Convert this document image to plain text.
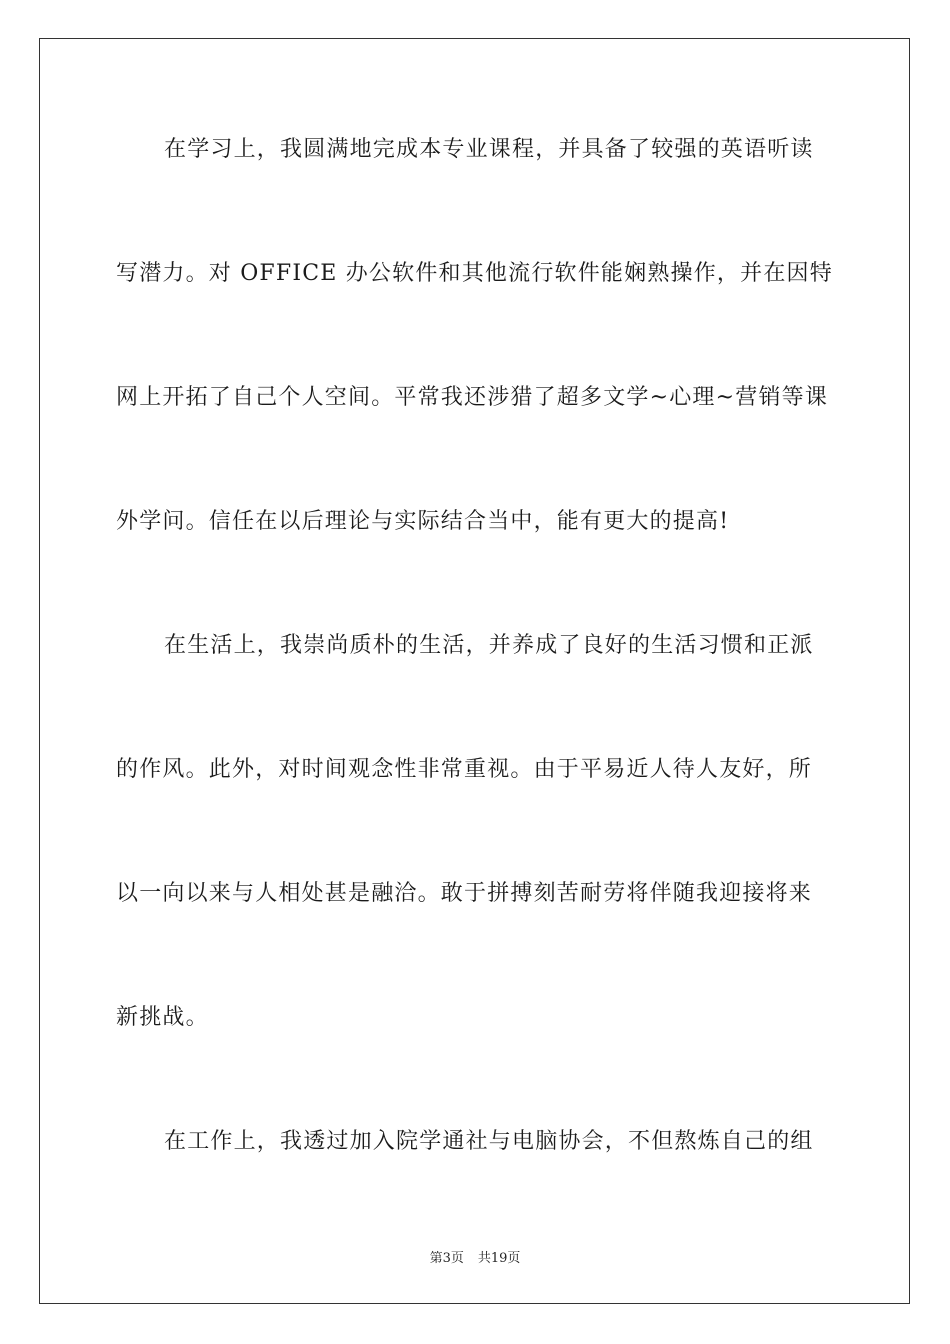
在学习上，我圆满地完成本专业课程，并具备了较强的英语听读
写潜力。对 OFFICE 办公软件和其他流行软件能娴熟操作，并在因特
网上开拓了自己个人空间。平常我还涉猎了超多文学~心理~营销等课
外学问。信任在以后理论与实际结合当中，能有更大的提高!
在生活上，我崇尚质朴的生活，并养成了良好的生活习惯和正派
的作风。此外，对时间观念性非常重视。由于平易近人待人友好，所
以一向以来与人相处甚是融洽。敢于拼搏刻苦耐劳将伴随我迎接将来
新挑战。
在工作上，我透过加入院学通社与电脑协会，不但熬炼自己的组
第3页 共19页
